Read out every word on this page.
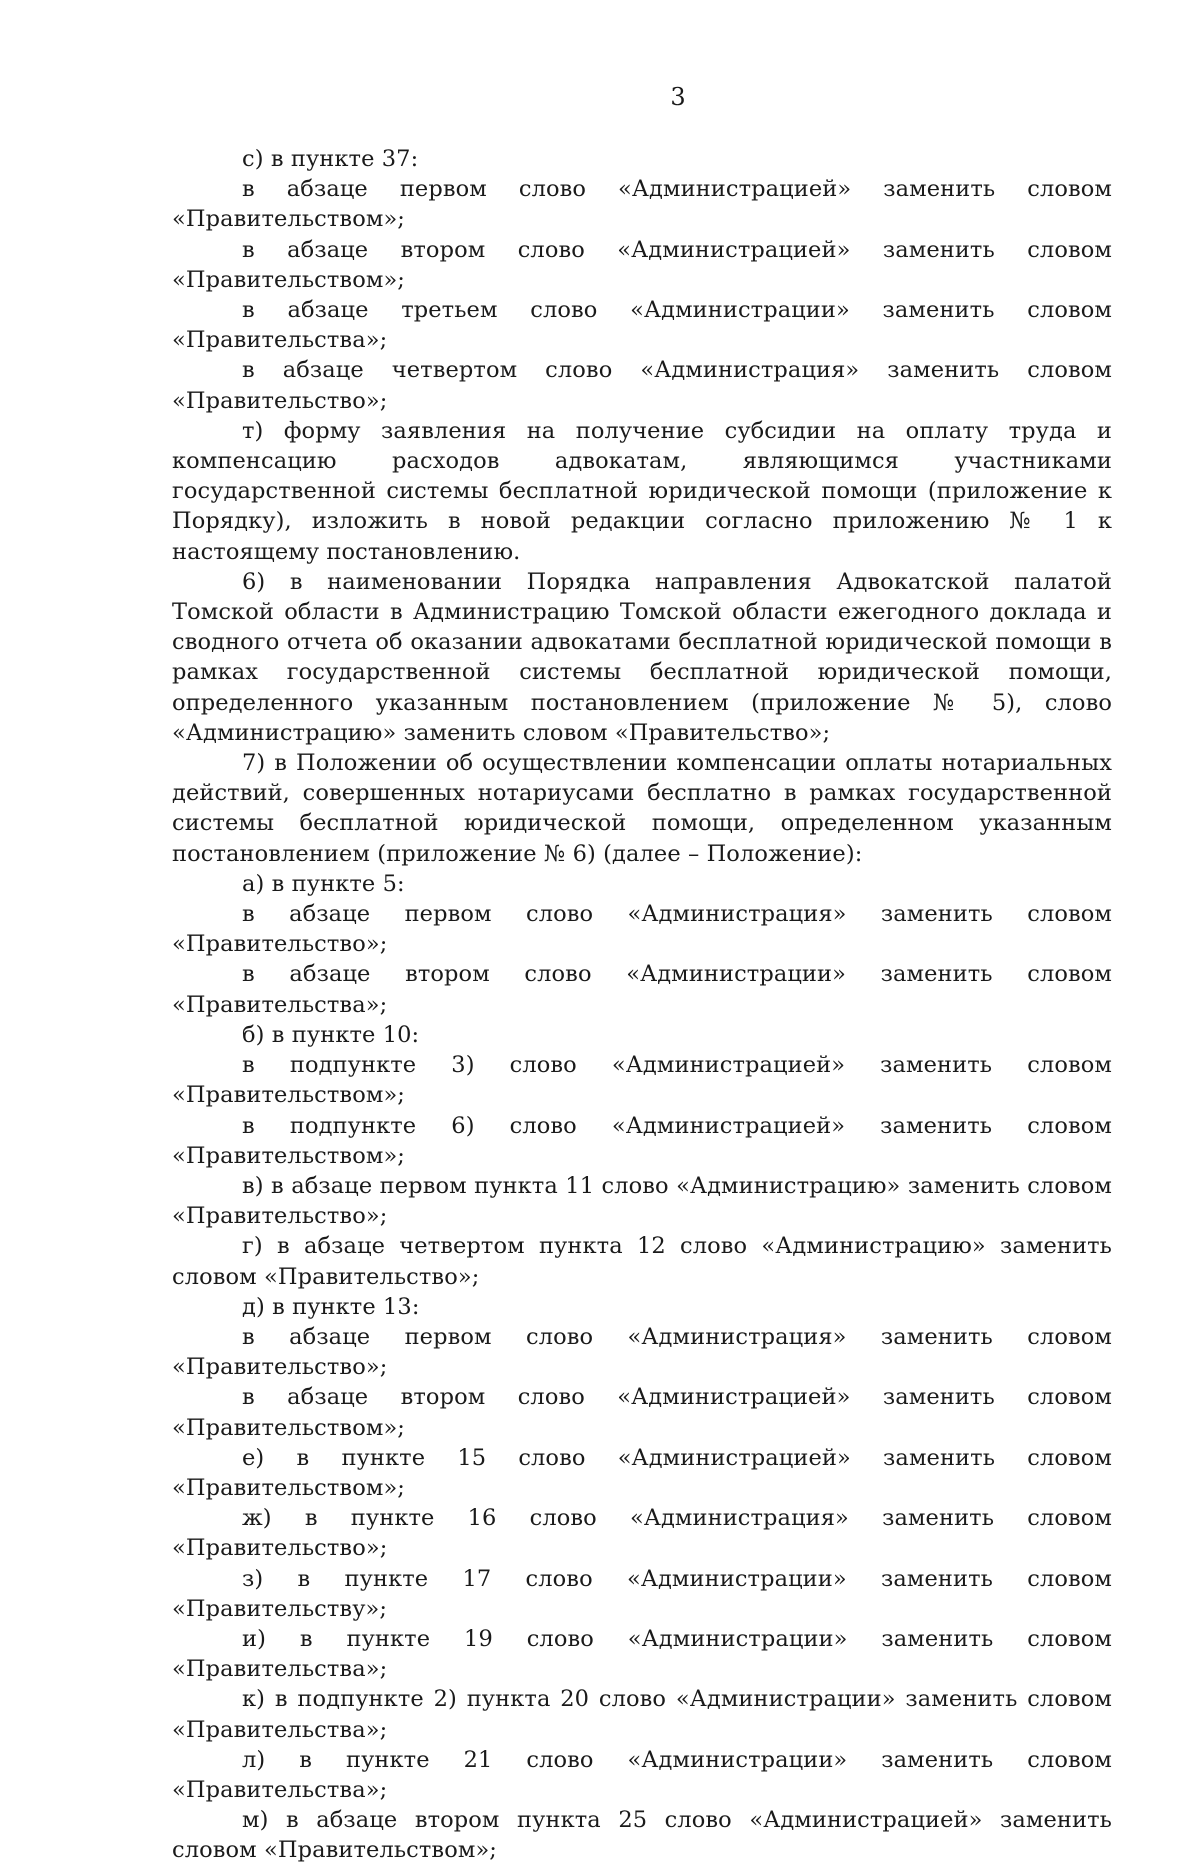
3

с) в пункте 37:

в абзаце первом слово «Администрацией» заменить словом «Правительством»;

в абзаце втором слово «Администрацией» заменить словом «Правительством»;

в абзаце третьем слово «Администрации» заменить словом «Правительства»;

в абзаце четвертом слово «Администрация» заменить словом «Правительство»;

т) форму заявления на получение субсидии на оплату труда и компенсацию расходов адвокатам, являющимся участниками государственной системы бесплатной юридической помощи (приложение к Порядку), изложить в новой редакции согласно приложению № 1 к настоящему постановлению.

6) в наименовании Порядка направления Адвокатской палатой Томской области в Администрацию Томской области ежегодного доклада и сводного отчета об оказании адвокатами бесплатной юридической помощи в рамках государственной системы бесплатной юридической помощи, определенного указанным постановлением (приложение № 5), слово «Администрацию» заменить словом «Правительство»;

7) в Положении об осуществлении компенсации оплаты нотариальных действий, совершенных нотариусами бесплатно в рамках государственной системы бесплатной юридической помощи, определенном указанным постановлением (приложение № 6) (далее – Положение):

а) в пункте 5:

в абзаце первом слово «Администрация» заменить словом «Правительство»;

в абзаце втором слово «Администрации» заменить словом «Правительства»;

б) в пункте 10:

в подпункте 3) слово «Администрацией» заменить словом «Правительством»;

в подпункте 6) слово «Администрацией» заменить словом «Правительством»;

в) в абзаце первом пункта 11 слово «Администрацию» заменить словом «Правительство»;

г) в абзаце четвертом пункта 12 слово «Администрацию» заменить словом «Правительство»;

д) в пункте 13:

в абзаце первом слово «Администрация» заменить словом «Правительство»;

в абзаце втором слово «Администрацией» заменить словом «Правительством»;

е) в пункте 15 слово «Администрацией» заменить словом «Правительством»;

ж) в пункте 16 слово «Администрация» заменить словом «Правительство»;

з) в пункте 17 слово «Администрации» заменить словом «Правительству»;

и) в пункте 19 слово «Администрации» заменить словом «Правительства»;

к) в подпункте 2) пункта 20 слово «Администрации» заменить словом «Правительства»;

л) в пункте 21 слово «Администрации» заменить словом «Правительства»;

м) в абзаце втором пункта 25 слово «Администрацией» заменить словом «Правительством»;
